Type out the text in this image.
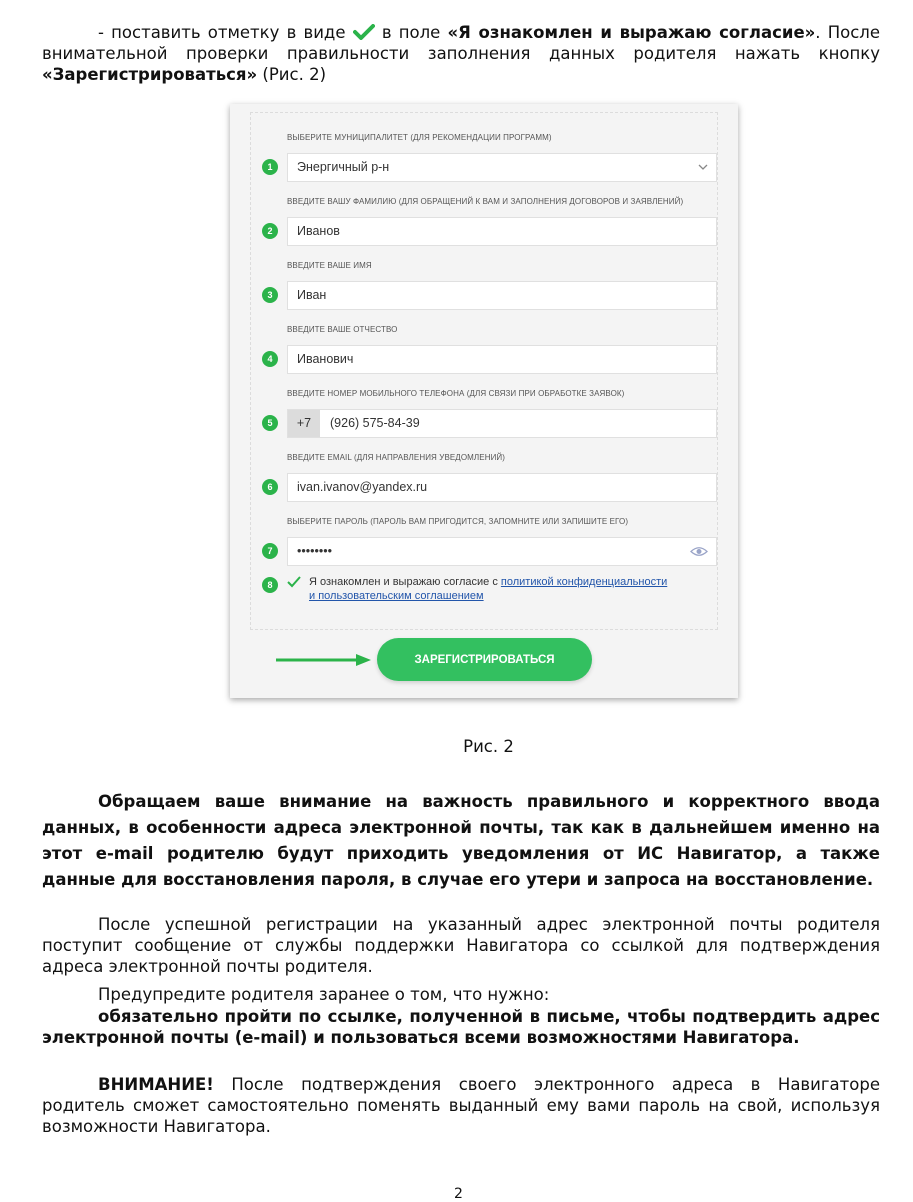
- поставить отметку в виде в поле «Я ознакомлен и выражаю согласие». После внимательной проверки правильности заполнения данных родителя нажать кнопку «Зарегистрироваться» (Рис. 2)

ВЫБЕРИТЕ МУНИЦИПАЛИТЕТ (ДЛЯ РЕКОМЕНДАЦИИ ПРОГРАММ)
1	Энергичный р-н
ВВЕДИТЕ ВАШУ ФАМИЛИЮ (ДЛЯ ОБРАЩЕНИЙ К ВАМ И ЗАПОЛНЕНИЯ ДОГОВОРОВ И ЗАЯВЛЕНИЙ)
2	Иванов
ВВЕДИТЕ ВАШЕ ИМЯ
3	Иван
ВВЕДИТЕ ВАШЕ ОТЧЕСТВО
4	Иванович
ВВЕДИТЕ НОМЕР МОБИЛЬНОГО ТЕЛЕФОНА (ДЛЯ СВЯЗИ ПРИ ОБРАБОТКЕ ЗАЯВОК)
5	+7	(926) 575-84-39
ВВЕДИТЕ EMAIL (ДЛЯ НАПРАВЛЕНИЯ УВЕДОМЛЕНИЙ)
6	ivan.ivanov@yandex.ru
ВЫБЕРИТЕ ПАРОЛЬ (ПАРОЛЬ ВАМ ПРИГОДИТСЯ, ЗАПОМНИТЕ ИЛИ ЗАПИШИТЕ ЕГО)
7	••••••••
8	Я ознакомлен и выражаю согласие с политикой конфиденциальности
и пользовательским соглашением
ЗАРЕГИСТРИРОВАТЬСЯ
Рис. 2

Обращаем ваше внимание на важность правильного и корректного ввода данных, в особенности адреса электронной почты, так как в дальнейшем именно на этот e-mail родителю будут приходить уведомления от ИС Навигатор, а также данные для восстановления пароля, в случае его утери и запроса на восстановление.

После успешной регистрации на указанный адрес электронной почты родителя поступит сообщение от службы поддержки Навигатора со ссылкой для подтверждения адреса электронной почты родителя.

Предупредите родителя заранее о том, что нужно:

обязательно пройти по ссылке, полученной в письме, чтобы подтвердить адрес электронной почты (e-mail) и пользоваться всеми возможностями Навигатора.

ВНИМАНИЕ! После подтверждения своего электронного адреса в Навигаторе родитель сможет самостоятельно поменять выданный ему вами пароль на свой, используя возможности Навигатора.

2
